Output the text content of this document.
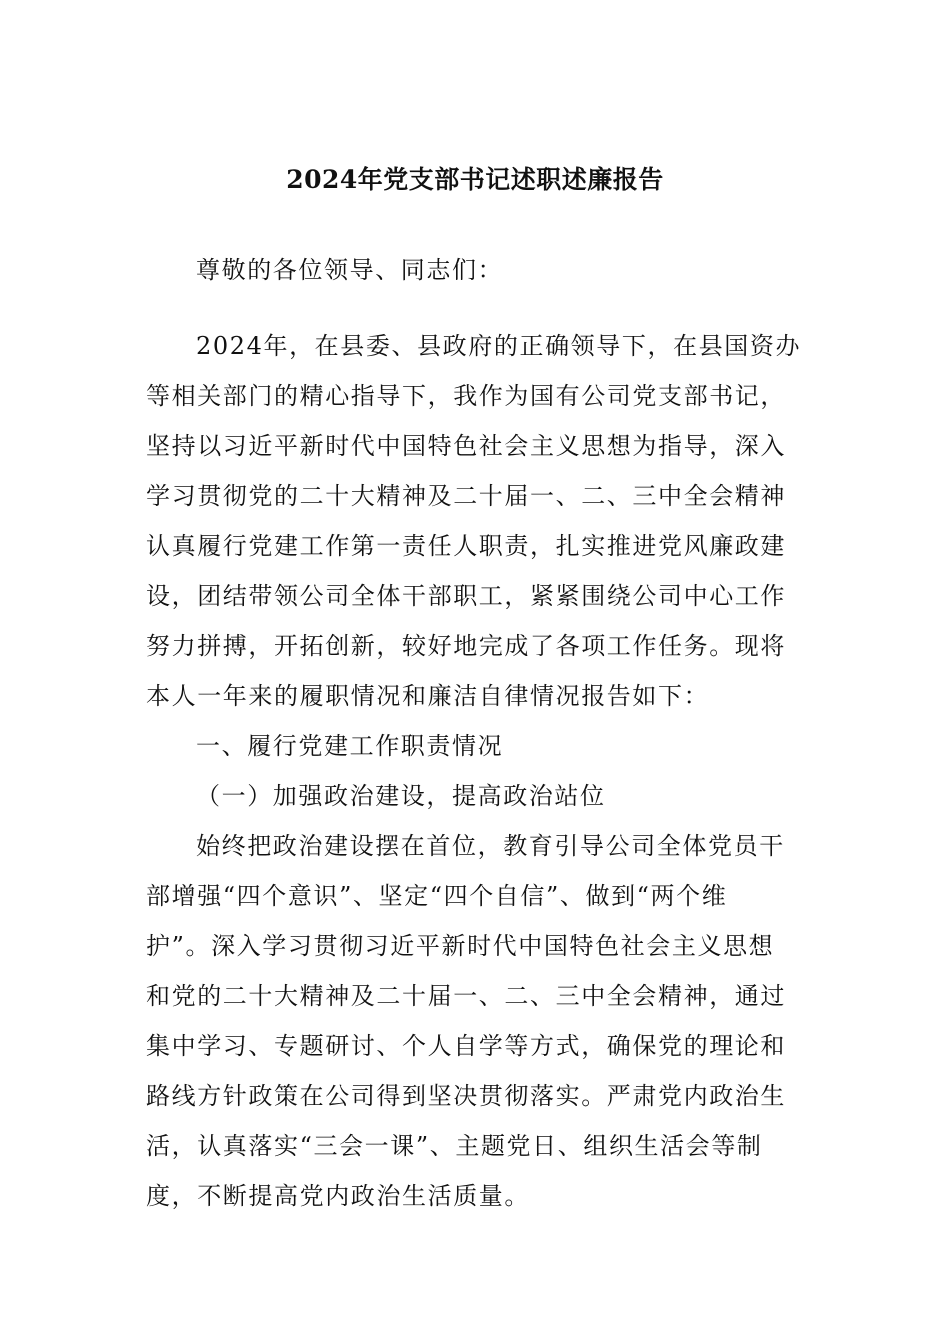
2024年党支部书记述职述廉报告
尊敬的各位领导、同志们：
2024年，在县委、县政府的正确领导下，在县国资办
等相关部门的精心指导下，我作为国有公司党支部书记，
坚持以习近平新时代中国特色社会主义思想为指导，深入
学习贯彻党的二十大精神及二十届一、二、三中全会精神
认真履行党建工作第一责任人职责，扎实推进党风廉政建
设，团结带领公司全体干部职工，紧紧围绕公司中心工作
努力拼搏，开拓创新，较好地完成了各项工作任务。现将
本人一年来的履职情况和廉洁自律情况报告如下：
一、履行党建工作职责情况
（一）加强政治建设，提高政治站位
始终把政治建设摆在首位，教育引导公司全体党员干
部增强“四个意识”、坚定“四个自信”、做到“两个维
护”。深入学习贯彻习近平新时代中国特色社会主义思想
和党的二十大精神及二十届一、二、三中全会精神，通过
集中学习、专题研讨、个人自学等方式，确保党的理论和
路线方针政策在公司得到坚决贯彻落实。严肃党内政治生
活，认真落实“三会一课”、主题党日、组织生活会等制
度，不断提高党内政治生活质量。
